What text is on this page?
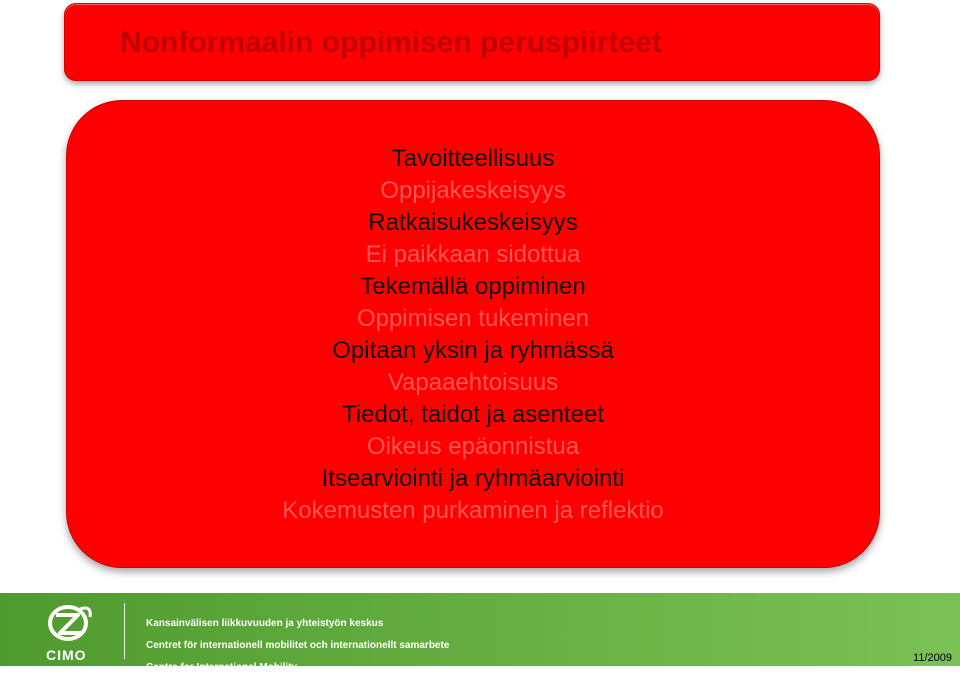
Nonformaalin oppimisen peruspiirteet
Tavoitteellisuus
Oppijakeskeisyys
Ratkaisukeskeisyys
Ei paikkaan sidottua
Tekemällä oppiminen
Oppimisen tukeminen
Opitaan yksin ja ryhmässä
Vapaaehtoisuus
Tiedot, taidot ja asenteet
Oikeus epäonnistua
Itsearviointi ja ryhmäarviointi
Kokemusten purkaminen ja reflektio
CIMO
Kansainvälisen liikkuvuuden ja yhteistyön keskus
Centret för internationell mobilitet och internationellt samarbete
Centre for International Mobility
11/2009
